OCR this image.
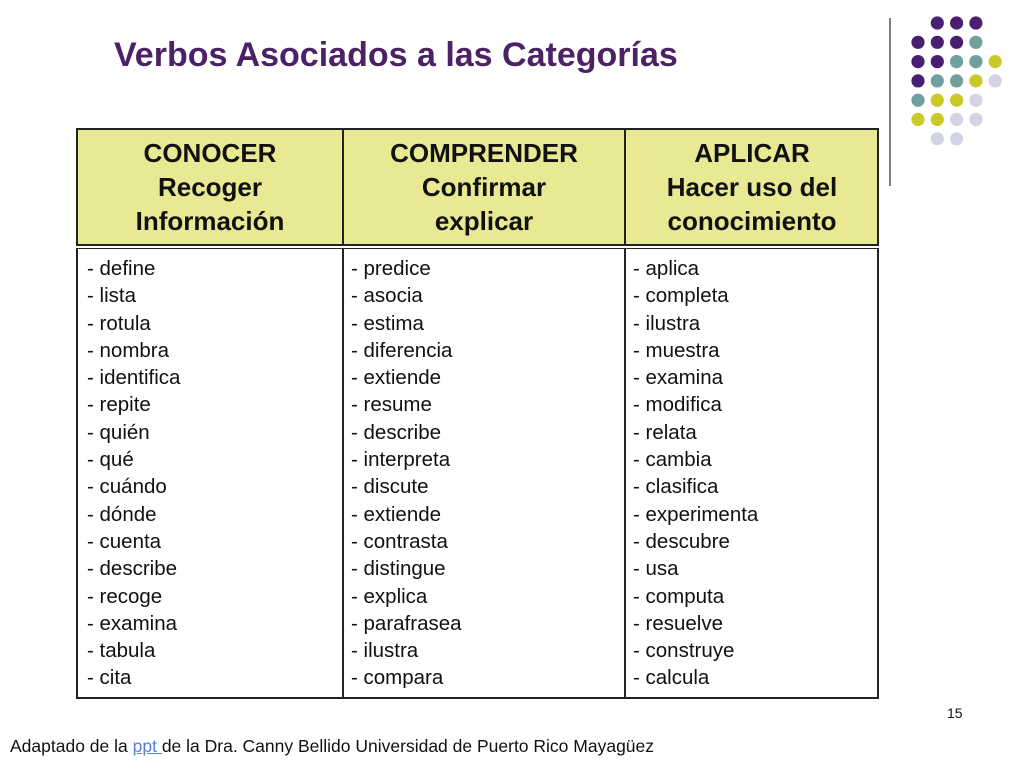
Verbos Asociados a las Categorías
CONOCER
Recoger
Información
COMPRENDER
Confirmar
explicar
APLICAR
Hacer uso del
conocimiento
- define
- lista
- rotula
- nombra
- identifica
- repite
- quién
- qué
- cuándo
- dónde
- cuenta
- describe
- recoge
- examina
- tabula
- cita
- predice
- asocia
- estima
- diferencia
- extiende
- resume
- describe
- interpreta
- discute
- extiende
- contrasta
- distingue
- explica
- parafrasea
- ilustra
- compara
- aplica
- completa
- ilustra
- muestra
- examina
- modifica
- relata
- cambia
- clasifica
- experimenta
- descubre
- usa
- computa
- resuelve
- construye
- calcula
15
Adaptado de la ppt de la Dra. Canny Bellido Universidad de Puerto Rico Mayagüez
